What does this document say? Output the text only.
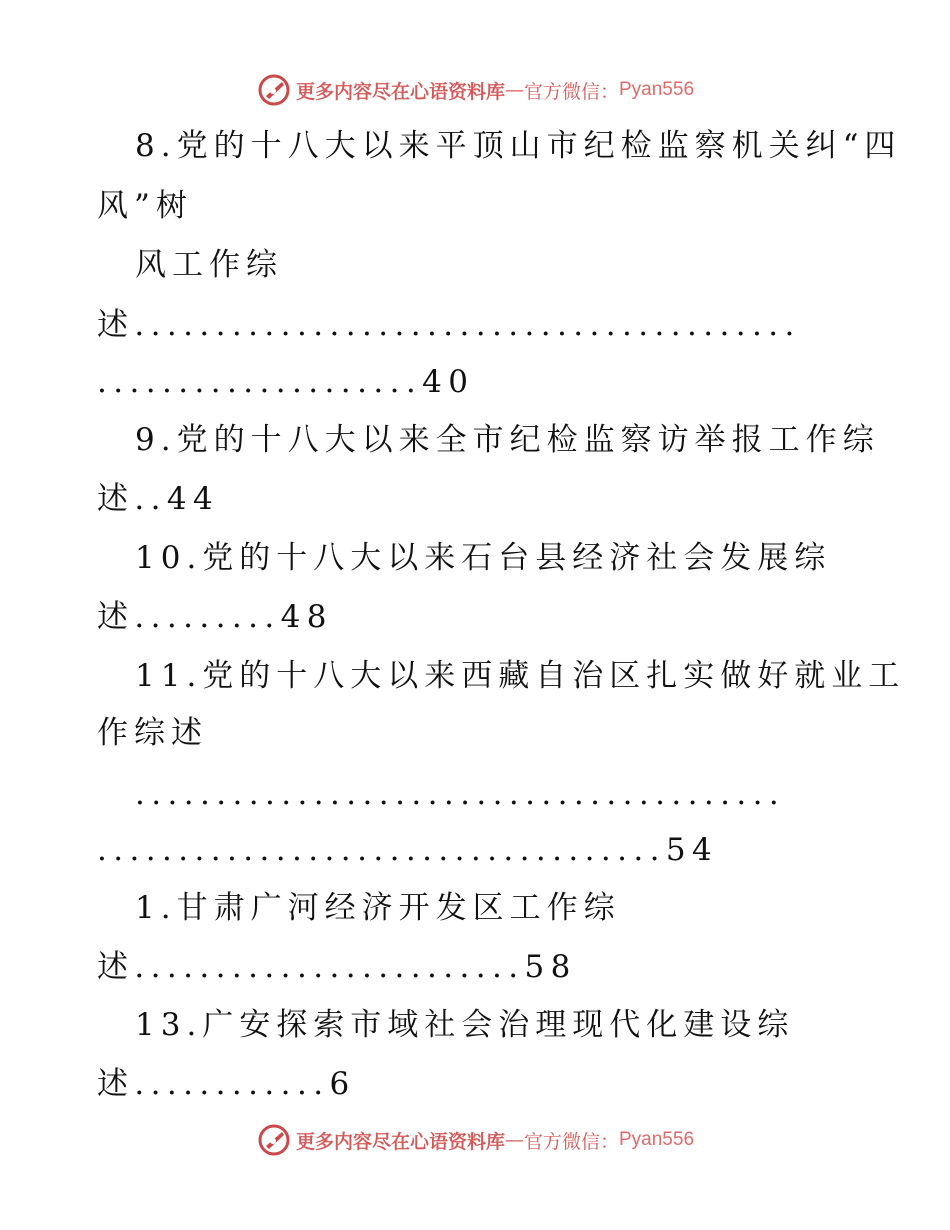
更多内容尽在心语资料库 — 官方微信： Pyan556
8.党的十八大以来平顶山市纪检监察机关纠“四
风”树
风工作综
述.........................................
....................40
9.党的十八大以来全市纪检监察访举报工作综
述..44
10.党的十八大以来石台县经济社会发展综
述.........48
11.党的十八大以来西藏自治区扎实做好就业工
作综述
........................................
...................................54
1.甘肃广河经济开发区工作综
述........................58
13.广安探索市域社会治理现代化建设综
述............6
更多内容尽在心语资料库 — 官方微信： Pyan556
